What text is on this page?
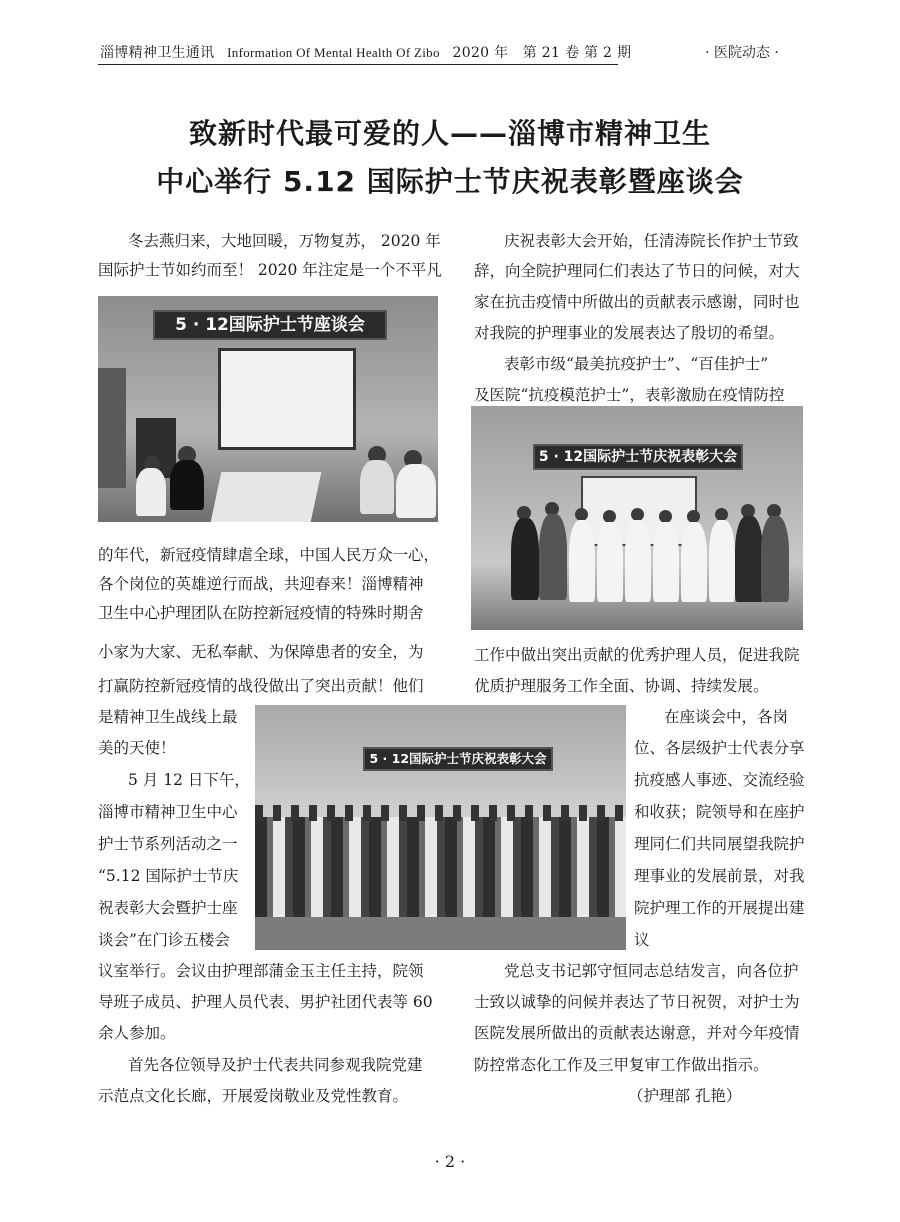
淄博精神卫生通讯 Information Of Mental Health Of Zibo 2020 年　第 21 卷 第 2 期	· 医院动态 ·
致新时代最可爱的人——淄博市精神卫生
中心举行 5.12 国际护士节庆祝表彰暨座谈会
5 · 12国际护士节座谈会
5 · 12国际护士节庆祝表彰大会
5 · 12国际护士节庆祝表彰大会
冬去燕归来，大地回暖，万物复苏， 2020 年
国际护士节如约而至！ 2020 年注定是一个不平凡
的年代，新冠疫情肆虐全球，中国人民万众一心，
各个岗位的英雄逆行而战，共迎春来！淄博精神
卫生中心护理团队在防控新冠疫情的特殊时期舍
小家为大家、无私奉献、为保障患者的安全，为
打赢防控新冠疫情的战役做出了突出贡献！他们
是精神卫生战线上最
美的天使！
5 月 12 日下午，
淄博市精神卫生中心
护士节系列活动之一
“5.12 国际护士节庆
祝表彰大会暨护士座
谈会”在门诊五楼会
议室举行。会议由护理部蒲金玉主任主持，院领
导班子成员、护理人员代表、男护社团代表等 60
余人参加。
首先各位领导及护士代表共同参观我院党建
示范点文化长廊，开展爱岗敬业及党性教育。
庆祝表彰大会开始，任清涛院长作护士节致
辞，向全院护理同仁们表达了节日的问候，对大
家在抗击疫情中所做出的贡献表示感谢，同时也
对我院的护理事业的发展表达了殷切的希望。
表彰市级“最美抗疫护士”、“百佳护士”
及医院“抗疫模范护士”，表彰激励在疫情防控
工作中做出突出贡献的优秀护理人员，促进我院
优质护理服务工作全面、协调、持续发展。
在座谈会中，各岗
位、各层级护士代表分享
抗疫感人事迹、交流经验
和收获；院领导和在座护
理同仁们共同展望我院护
理事业的发展前景，对我
院护理工作的开展提出建
议
党总支书记郭守恒同志总结发言，向各位护
士致以诚挚的问候并表达了节日祝贺，对护士为
医院发展所做出的贡献表达谢意，并对今年疫情
防控常态化工作及三甲复审工作做出指示。
（护理部 孔艳）
· 2 ·
